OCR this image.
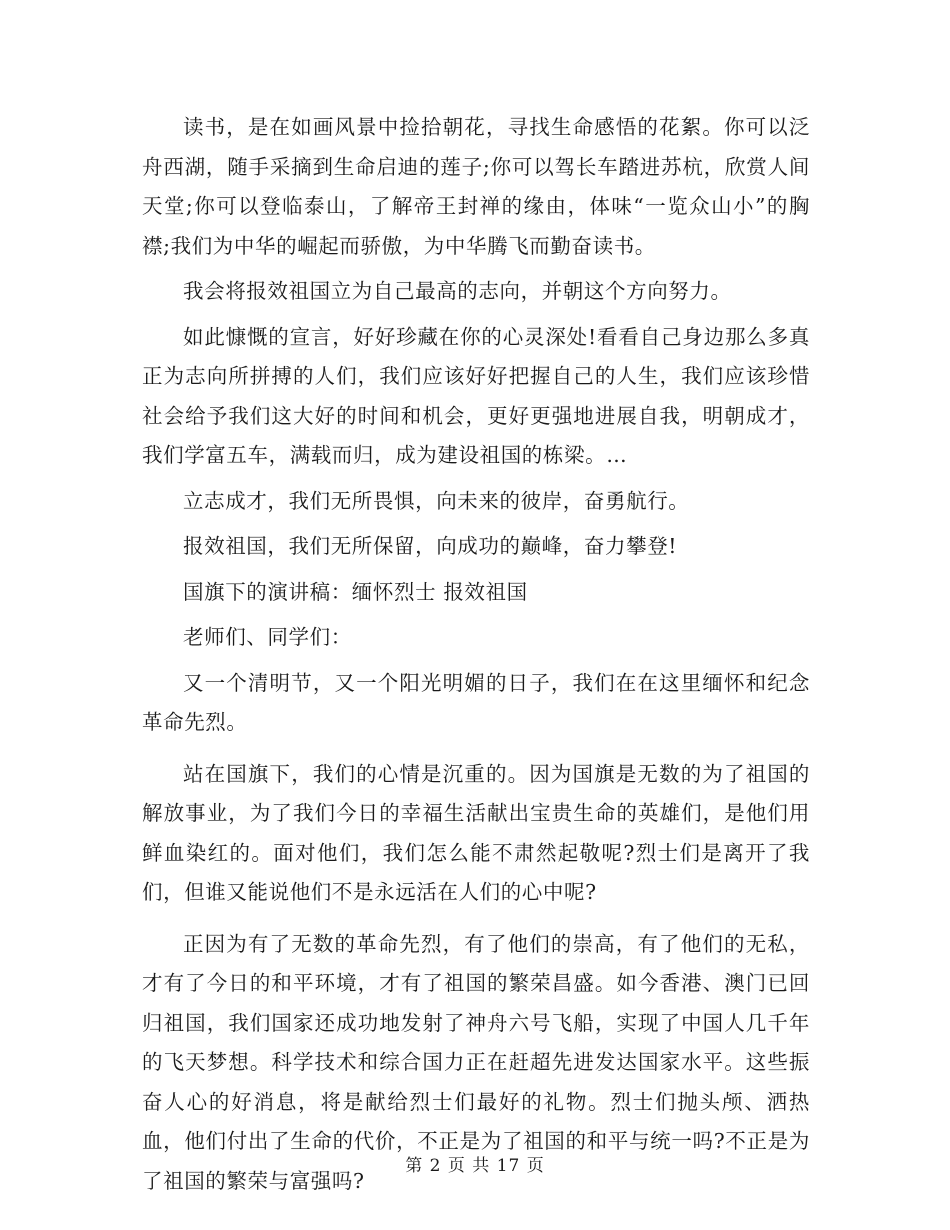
读书，是在如画风景中捡拾朝花，寻找生命感悟的花絮。你可以泛舟西湖，随手采摘到生命启迪的莲子;你可以驾长车踏进苏杭，欣赏人间天堂;你可以登临泰山，了解帝王封禅的缘由，体味“一览众山小”的胸襟;我们为中华的崛起而骄傲，为中华腾飞而勤奋读书。

我会将报效祖国立为自己最高的志向，并朝这个方向努力。

如此慷慨的宣言，好好珍藏在你的心灵深处!看看自己身边那么多真正为志向所拼搏的人们，我们应该好好把握自己的人生，我们应该珍惜社会给予我们这大好的时间和机会，更好更强地进展自我，明朝成才，我们学富五车，满载而归，成为建设祖国的栋梁。…

立志成才，我们无所畏惧，向未来的彼岸，奋勇航行。

报效祖国，我们无所保留，向成功的巅峰，奋力攀登!

国旗下的演讲稿：缅怀烈士 报效祖国

老师们、同学们：

又一个清明节，又一个阳光明媚的日子，我们在在这里缅怀和纪念革命先烈。

站在国旗下，我们的心情是沉重的。因为国旗是无数的为了祖国的解放事业，为了我们今日的幸福生活献出宝贵生命的英雄们，是他们用鲜血染红的。面对他们，我们怎么能不肃然起敬呢?烈士们是离开了我们，但谁又能说他们不是永远活在人们的心中呢?

正因为有了无数的革命先烈，有了他们的崇高，有了他们的无私，才有了今日的和平环境，才有了祖国的繁荣昌盛。如今香港、澳门已回归祖国，我们国家还成功地发射了神舟六号飞船，实现了中国人几千年的飞天梦想。科学技术和综合国力正在赶超先进发达国家水平。这些振奋人心的好消息，将是献给烈士们最好的礼物。烈士们抛头颅、洒热血，他们付出了生命的代价，不正是为了祖国的和平与统一吗?不正是为了祖国的繁荣与富强吗?

第 2 页 共 17 页
